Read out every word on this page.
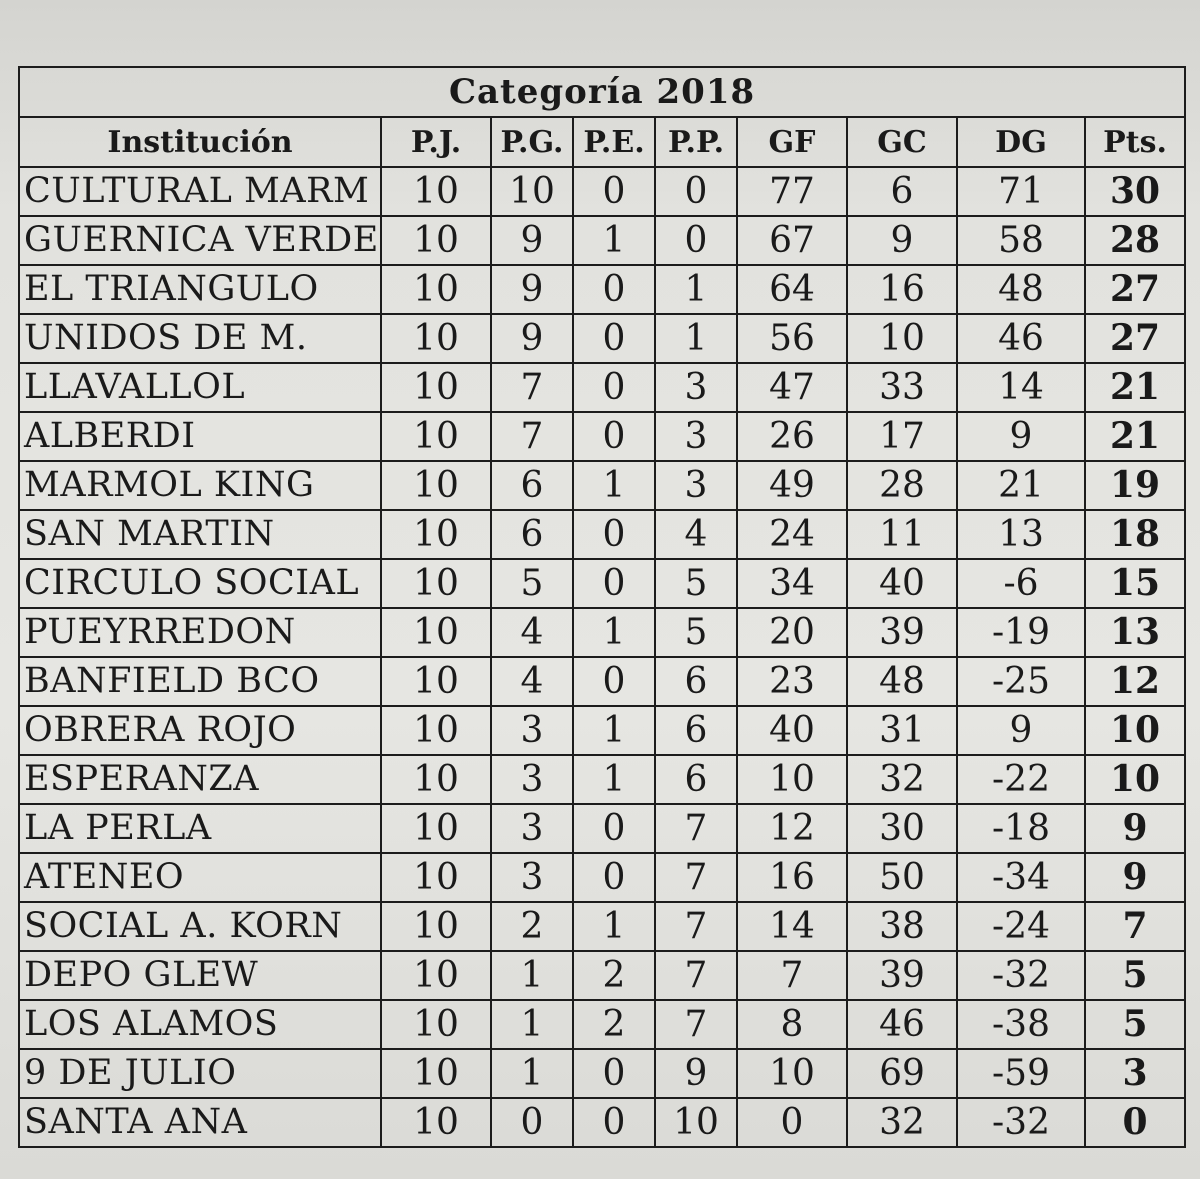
Categoría 2018								
Institución	P.J.	P.G.	P.E.	P.P.	GF	GC	DG	Pts.
CULTURAL MARM	10	10	0	0	77	6	71	30
GUERNICA VERDE	10	9	1	0	67	9	58	28
EL TRIANGULO	10	9	0	1	64	16	48	27
UNIDOS DE M.	10	9	0	1	56	10	46	27
LLAVALLOL	10	7	0	3	47	33	14	21
ALBERDI	10	7	0	3	26	17	9	21
MARMOL KING	10	6	1	3	49	28	21	19
SAN MARTIN	10	6	0	4	24	11	13	18
CIRCULO SOCIAL	10	5	0	5	34	40	-6	15
PUEYRREDON	10	4	1	5	20	39	-19	13
BANFIELD BCO	10	4	0	6	23	48	-25	12
OBRERA ROJO	10	3	1	6	40	31	9	10
ESPERANZA	10	3	1	6	10	32	-22	10
LA PERLA	10	3	0	7	12	30	-18	9
ATENEO	10	3	0	7	16	50	-34	9
SOCIAL A. KORN	10	2	1	7	14	38	-24	7
DEPO GLEW	10	1	2	7	7	39	-32	5
LOS ALAMOS	10	1	2	7	8	46	-38	5
9 DE JULIO	10	1	0	9	10	69	-59	3
SANTA ANA	10	0	0	10	0	32	-32	0
